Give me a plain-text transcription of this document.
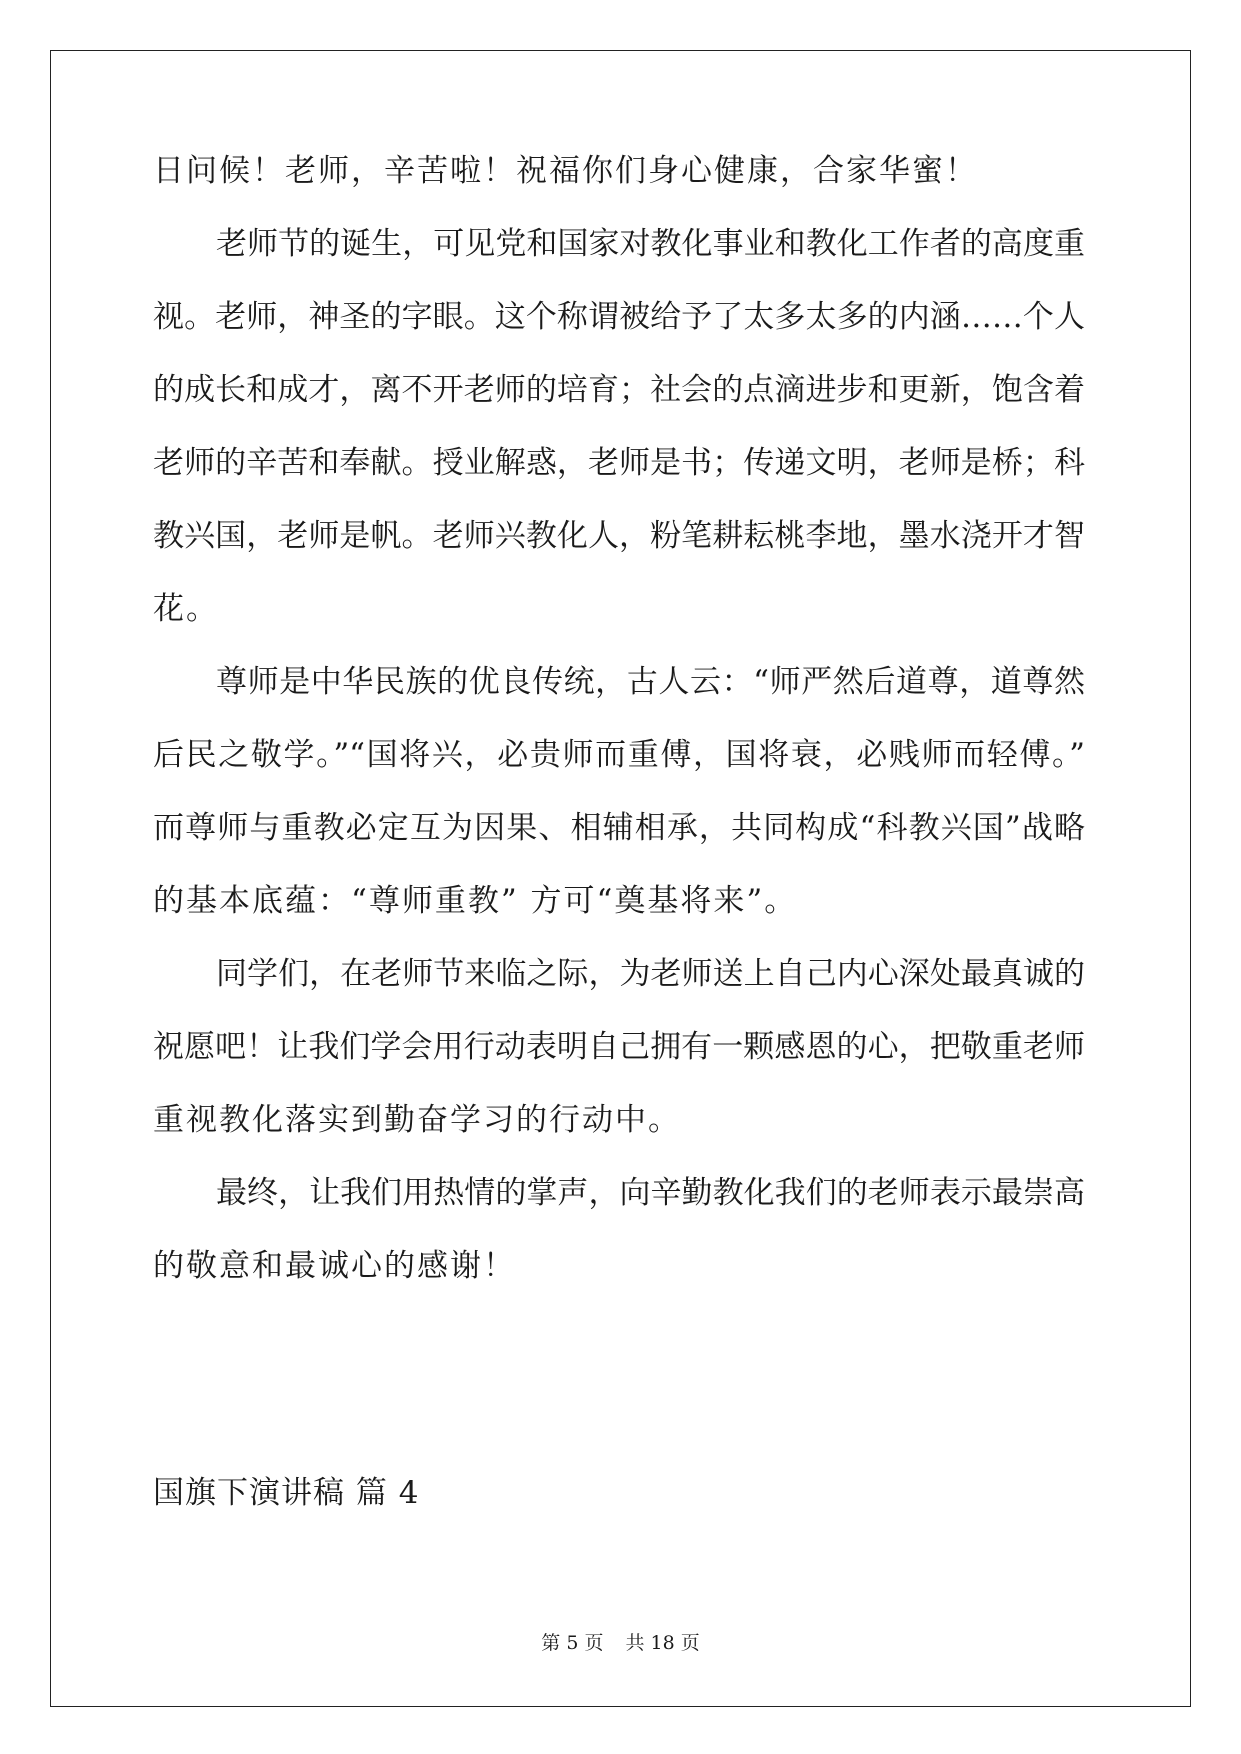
日问候！老师，辛苦啦！祝福你们身心健康，合家华蜜！
老师节的诞生，可见党和国家对教化事业和教化工作者的高度重
视。老师，神圣的字眼。这个称谓被给予了太多太多的内涵……个人
的成长和成才，离不开老师的培育；社会的点滴进步和更新，饱含着
老师的辛苦和奉献。授业解惑，老师是书；传递文明，老师是桥；科
教兴国，老师是帆。老师兴教化人，粉笔耕耘桃李地，墨水浇开才智
花。
尊师是中华民族的优良传统，古人云：“师严然后道尊，道尊然
后民之敬学。”“国将兴，必贵师而重傅，国将衰，必贱师而轻傅。”
而尊师与重教必定互为因果、相辅相承，共同构成“科教兴国”战略
的基本底蕴：“尊师重教” 方可“奠基将来”。
同学们，在老师节来临之际，为老师送上自己内心深处最真诚的
祝愿吧！让我们学会用行动表明自己拥有一颗感恩的心，把敬重老师
重视教化落实到勤奋学习的行动中。
最终，让我们用热情的掌声，向辛勤教化我们的老师表示最崇高
的敬意和最诚心的感谢！
国旗下演讲稿 篇 4
第 5 页 共 18 页
